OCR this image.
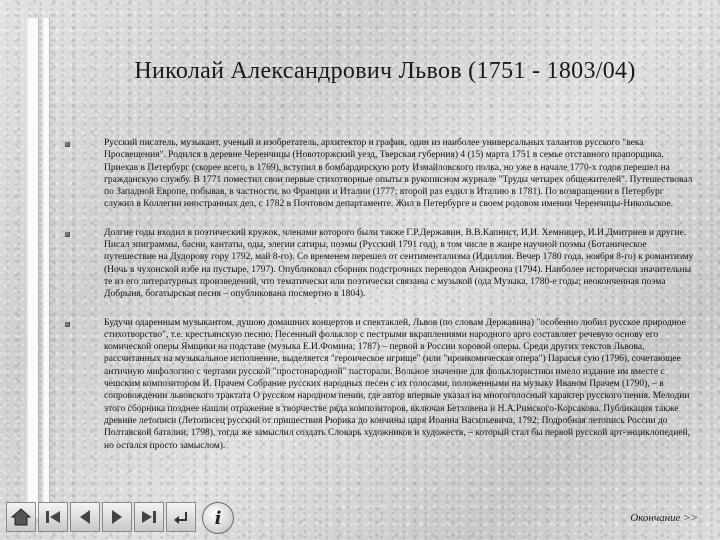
Николай Александрович Львов (1751 - 1803/04)
Русский писатель, музыкант, ученый и изобретатель, архитектор и график, один из наиболее универсальных талантов русского "века Просвещения". Родился в деревне Черенчицы (Новоторжский уезд, Тверская губерния) 4 (15) марта 1751 в семье отставного прапорщика. Приехав в Петербург (скорее всего, в 1769), вступил в бомбардирскую роту Измайловского полка, но уже в начале 1770-х годов перешел на гражданскую службу. В 1771 поместил свои первые стихотворные опыты в рукописном журнале "Труды четырех общежителей". Путешествовал по Западной Европе, побывав, в частности, во Франции и Италии (1777; второй раз ездил в Италию в 1781). По возвращении в Петербург служил в Коллегии иностранных дел, с 1782 в Почтовом департаменте. Жил в Петербурге и своем родовом имении Черенчицы-Никольское.
Долгие годы входил в поэтический кружок, членами которого были также Г.Р.Державин, В.В.Капнист, И.И. Хемницер, И.И.Дмитриев и другие. Писал эпиграммы, басни, кантаты, оды, элегии сатиры, поэмы (Русский 1791 год), в том числе в жанре научной поэмы (Ботаническое путешествие на Дудорову гору 1792, май 8-го). Со временем перешел от сентиментализма (Идиллия. Вечер 1780 года, ноября 8-го) к романтизму (Ночь в чухонской избе на пустыре, 1797). Опубликовал сборник подстрочных переводов Анакреона (1794). Наиболее исторически значительны те из его литературных произведений, что тематически или поэтически связаны с музыкой (ода Музыка, 1780-е годы; неоконченная поэма Добрыня, богатырская песня – опубликована посмертно в 1804).
Будучи одаренным музыкантом, душою домашних концертов и спектаклей, Львов (по словам Державина) "особенно любил русское природное стихотворство", т.е. крестьянскую песню. Песенный фольклор с пестрыми вкраплениями народного арго составляет речевую основу его комической оперы Ямщики на подставе (музыка Е.И.Фомина; 1787) – первой в России хоровой оперы. Среди других текстов Львова, рассчитанных на музыкальное исполнение, выделяется "героическое игрище" (или "ироикомическая опера") Парасья сую (1796), сочетающее античную мифологию с чертами русской "простонародной" пасторали. Вольное значение для фольклористики имело издание им вместе с чешским композитором И. Прачем Собрание русских народных песен с их голосами, положенными на музыку Иваном Прачем (1790), – в сопровождении львовского трактата О русском народном пении, где автор впервые указал на многоголосный характер русского пения. Мелодии этого сборника позднее нашли отражение в творчестве ряда композиторов, включая Бетховена и Н.А.Римского-Корсакова. Публикация также древние летописи (Летописец русский от пришествия Рюрика до кончины царя Иоанна Васильевича, 1792; Подробная летопись России до Полтавской баталии, 1798), тогда же замыслил создать Словарь художников и художеств, – который стал бы первой русской арт-энциклопедией, но остался просто замыслом).
i	Окончание >>
